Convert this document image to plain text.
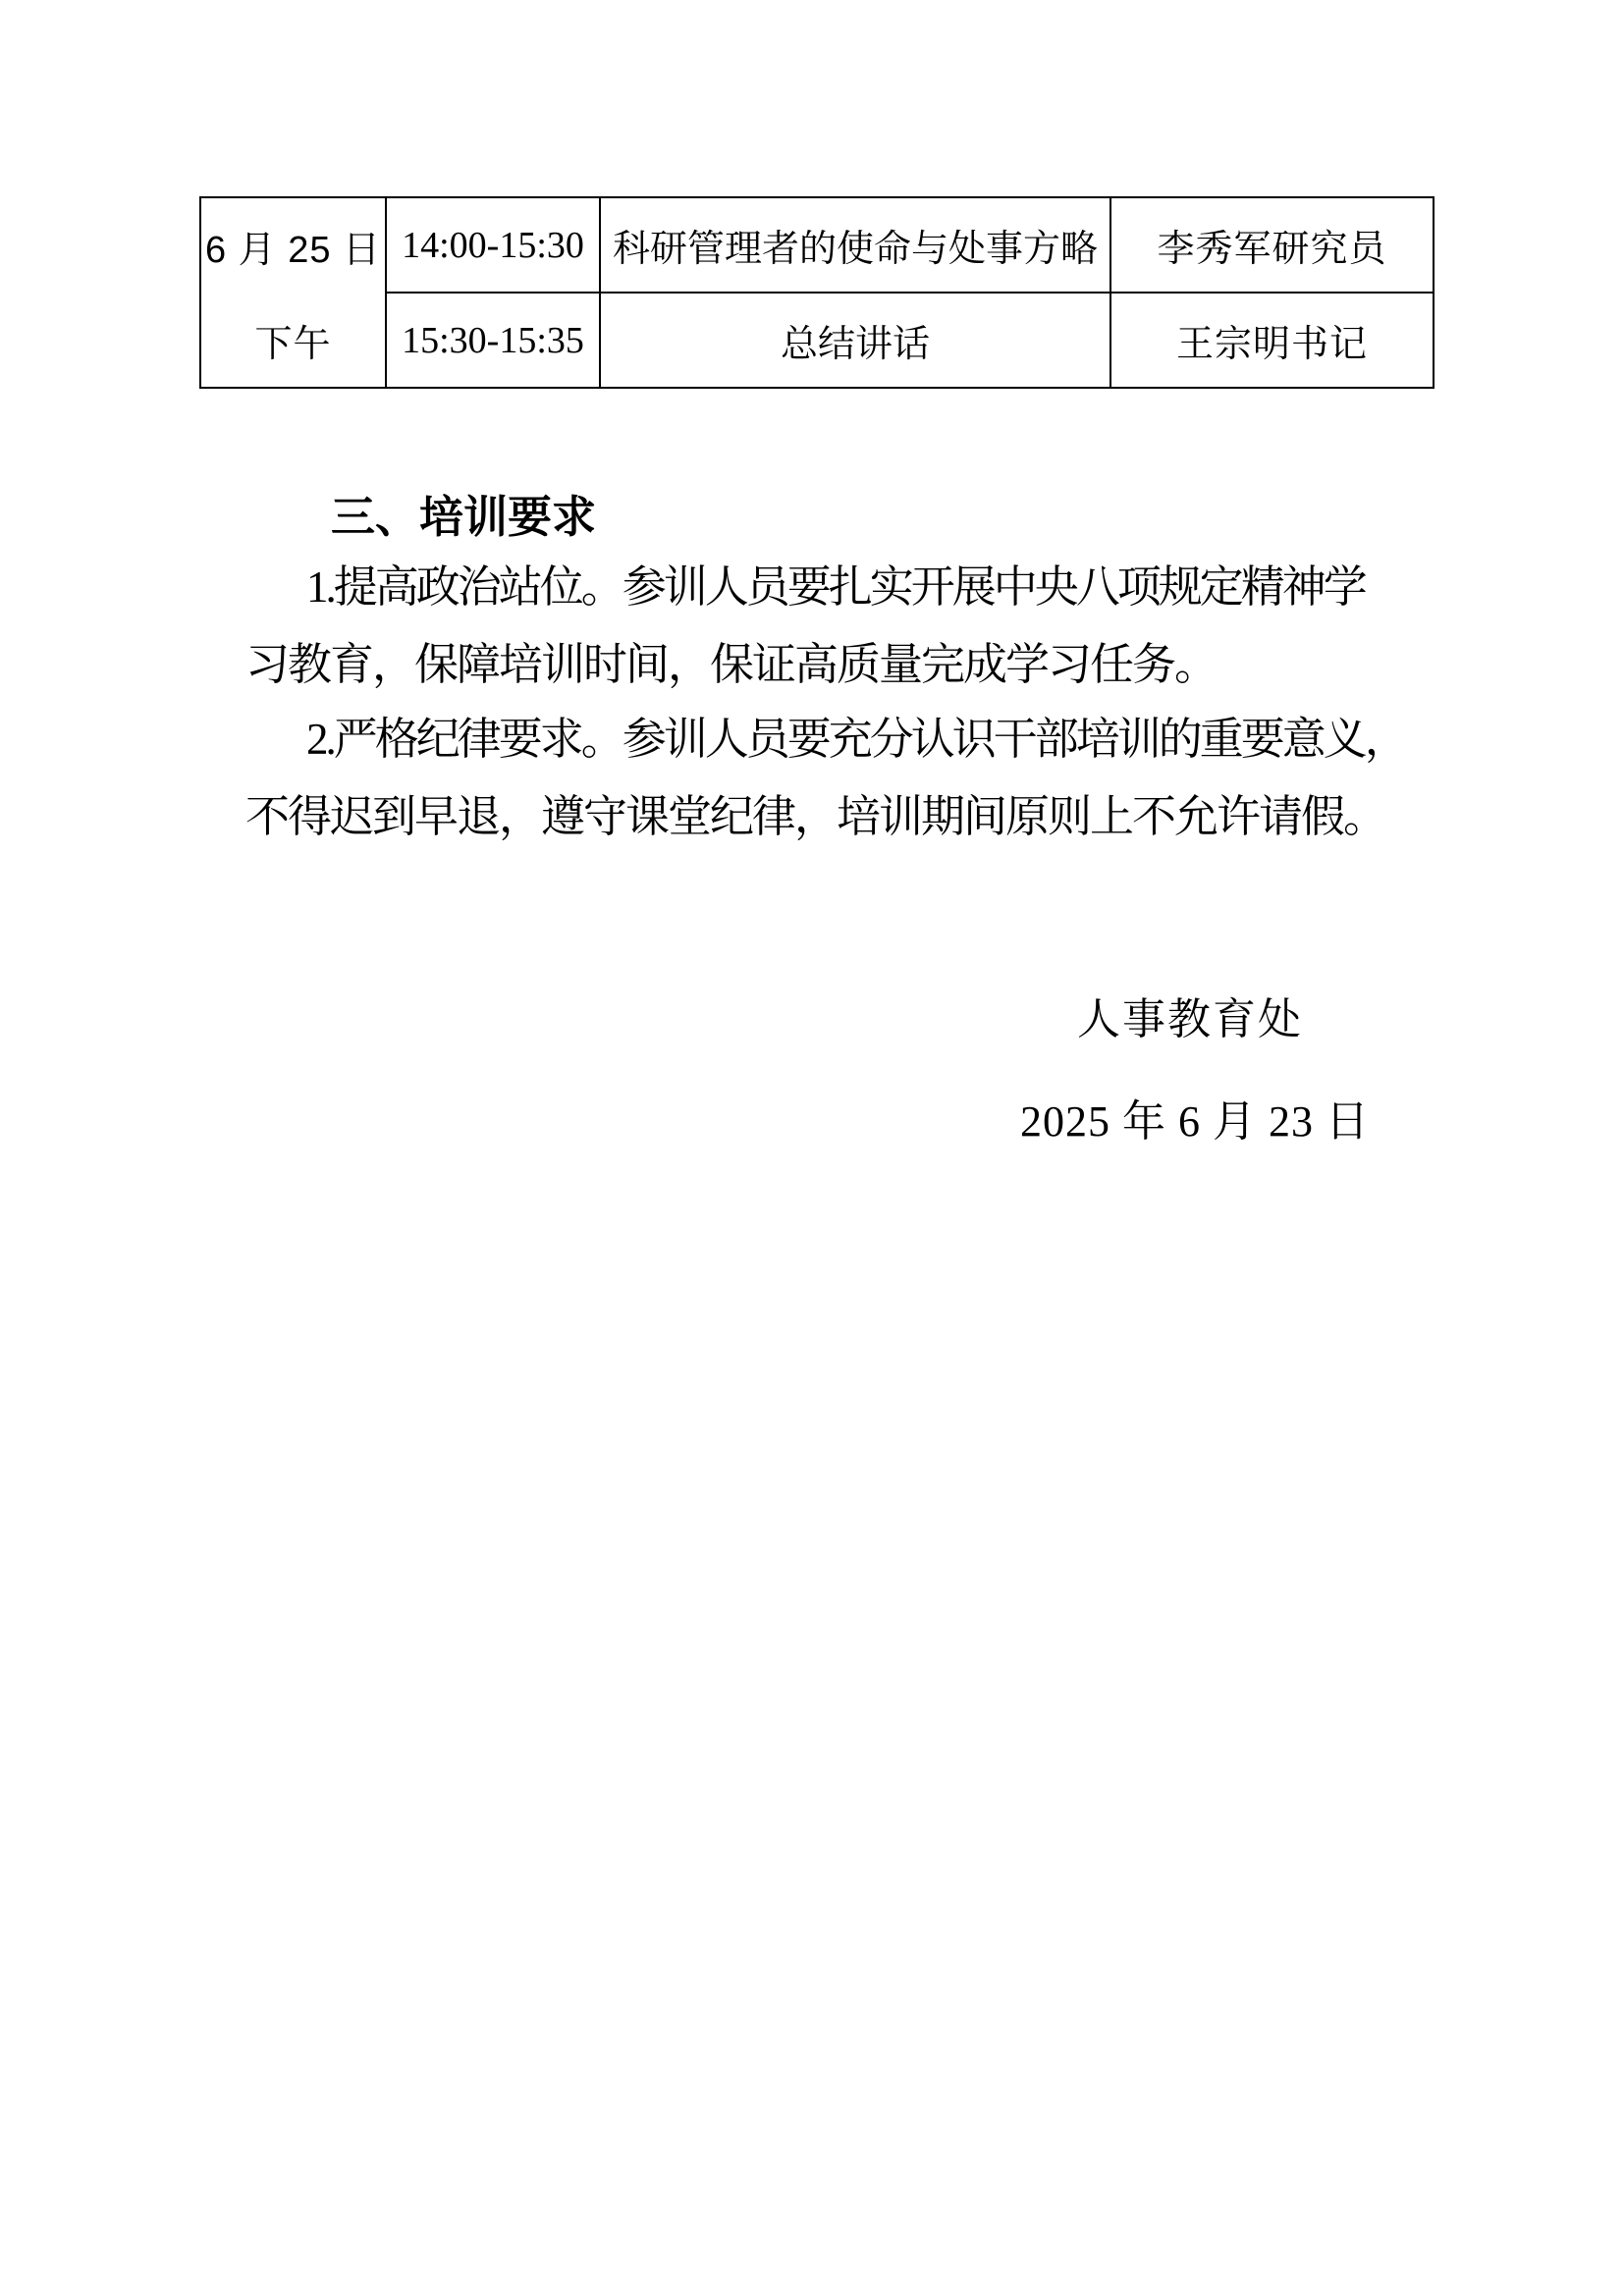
6 月 25 日
下午	14:00-15:30	科研管理者的使命与处事方略	李秀军研究员
	15:30-15:35	总结讲话	王宗明书记
三、培训要求
1.提高政治站位。参训人员要扎实开展中央八项规定精神学
习教育，保障培训时间，保证高质量完成学习任务。
2.严格纪律要求。参训人员要充分认识干部培训的重要意义，
不得迟到早退，遵守课堂纪律，培训期间原则上不允许请假。
人事教育处
2025 年 6 月 23 日
